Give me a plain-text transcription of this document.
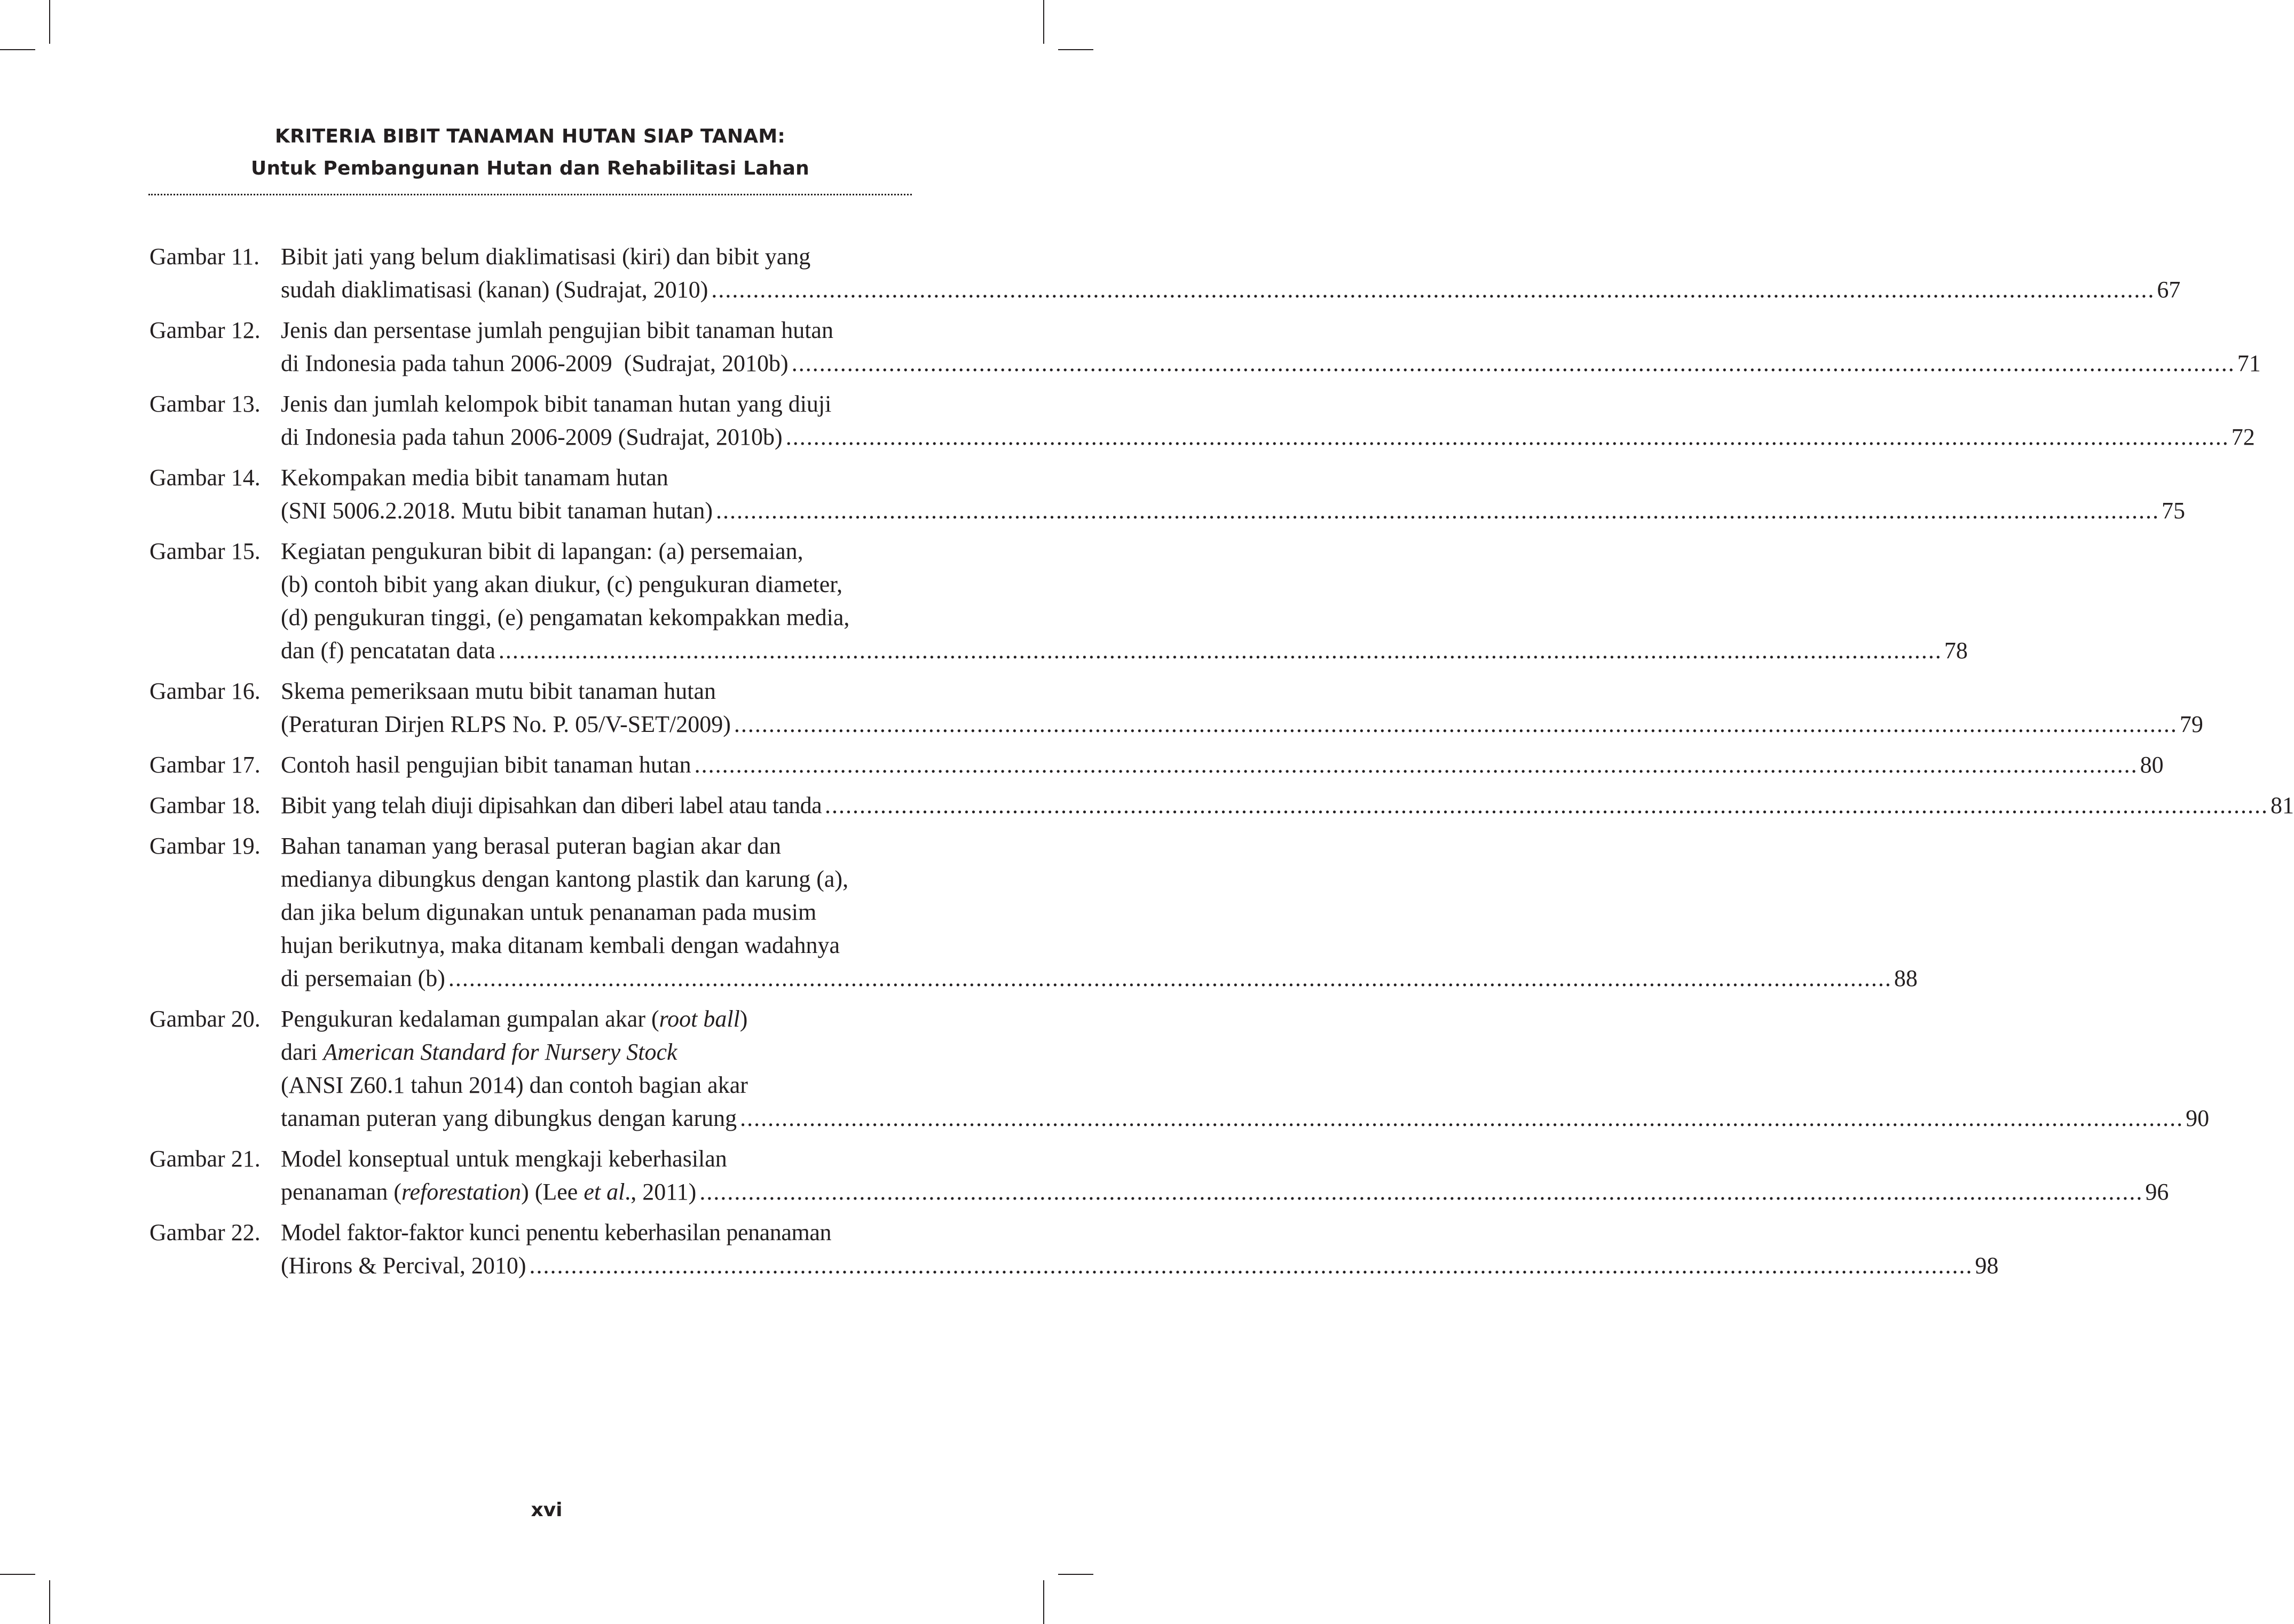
KRITERIA BIBIT TANAMAN HUTAN SIAP TANAM:
Untuk Pembangunan Hutan dan Rehabilitasi Lahan
Gambar 11. Bibit jati yang belum diaklimatisasi (kiri) dan bibit yang
sudah diaklimatisasi (kanan) (Sudrajat, 2010) .....	67
Gambar 12. Jenis dan persentase jumlah pengujian bibit tanaman hutan
di Indonesia pada tahun 2006-2009  (Sudrajat, 2010b) .....	71
Gambar 13. Jenis dan jumlah kelompok bibit tanaman hutan yang diuji
di Indonesia pada tahun 2006-2009 (Sudrajat, 2010b) .....	72
Gambar 14. Kekompakan media bibit tanamam hutan
(SNI 5006.2.2018. Mutu bibit tanaman hutan) .....	75
Gambar 15. Kegiatan pengukuran bibit di lapangan: (a) persemaian,
(b) contoh bibit yang akan diukur, (c) pengukuran diameter,
(d) pengukuran tinggi, (e) pengamatan kekompakkan media,
dan (f) pencatatan data .....	78
Gambar 16. Skema pemeriksaan mutu bibit tanaman hutan
(Peraturan Dirjen RLPS No. P. 05/V-SET/2009) .....	79
Gambar 17. Contoh hasil pengujian bibit tanaman hutan .....	80
Gambar 18. Bibit yang telah diuji dipisahkan dan diberi label atau tanda .....	81
Gambar 19. Bahan tanaman yang berasal puteran bagian akar dan
medianya dibungkus dengan kantong plastik dan karung (a),
dan jika belum digunakan untuk penanaman pada musim
hujan berikutnya, maka ditanam kembali dengan wadahnya
di persemaian (b) .....	88
Gambar 20. Pengukuran kedalaman gumpalan akar (root ball)
dari American Standard for Nursery Stock
(ANSI Z60.1 tahun 2014) dan contoh bagian akar
tanaman puteran yang dibungkus dengan karung .....	90
Gambar 21. Model konseptual untuk mengkaji keberhasilan
penanaman (reforestation) (Lee et al., 2011) .....	96
Gambar 22. Model faktor-faktor kunci penentu keberhasilan penanaman
(Hirons & Percival, 2010) .....	98
xvi
